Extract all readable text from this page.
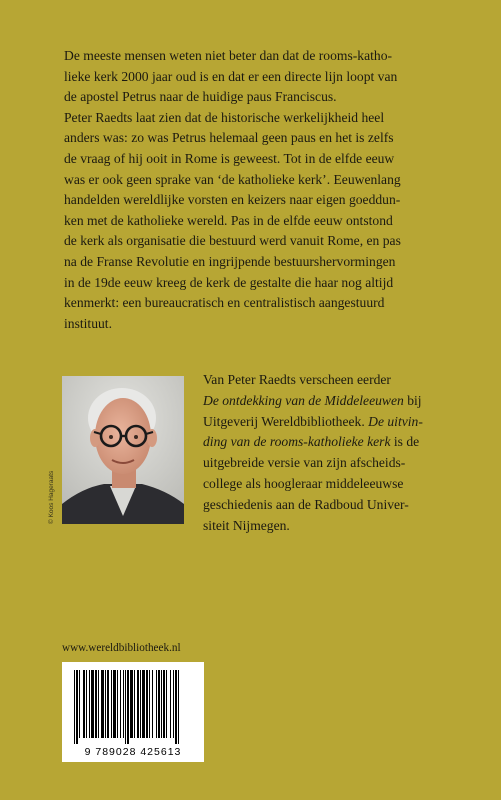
De meeste mensen weten niet beter dan dat de rooms-katho-
lieke kerk 2000 jaar oud is en dat er een directe lijn loopt van
de apostel Petrus naar de huidige paus Franciscus.

Peter Raedts laat zien dat de historische werkelijkheid heel
anders was: zo was Petrus helemaal geen paus en het is zelfs
de vraag of hij ooit in Rome is geweest. Tot in de elfde eeuw
was er ook geen sprake van ‘de katholieke kerk’. Eeuwenlang
handelden wereldlijke vorsten en keizers naar eigen goeddun-
ken met de katholieke wereld. Pas in de elfde eeuw ontstond
de kerk als organisatie die bestuurd werd vanuit Rome, en pas
na de Franse Revolutie en ingrijpende bestuurshervormingen
in de 19de eeuw kreeg de kerk de gestalte die haar nog altijd
kenmerkt: een bureaucratisch en centralistisch aangestuurd
instituut.

© Koos Hageraats

Van Peter Raedts verscheen eerder
De ontdekking van de Middeleeuwen bij
Uitgeverij Wereldbibliotheek. De uitvin-
ding van de rooms-katholieke kerk is de
uitgebreide versie van zijn afscheids-
college als hoogleraar middeleeuwse
geschiedenis aan de Radboud Univer-
siteit Nijmegen.

www.wereldbibliotheek.nl
9 789028 425613
